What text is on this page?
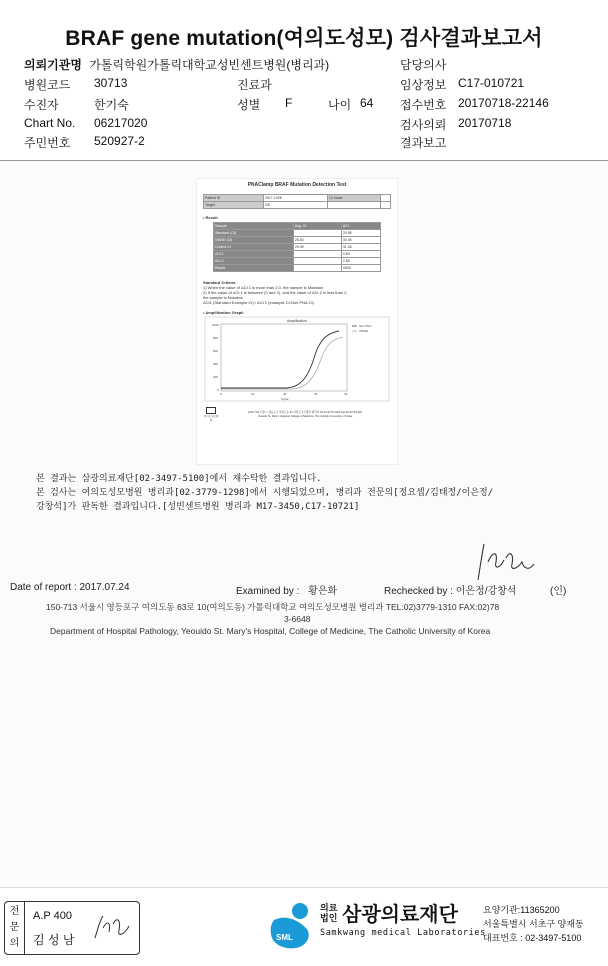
BRAF gene mutation(여의도성모) 검사결과보고서
의뢰기관명 가톨릭학원가톨릭대학교성빈센트병원(병리과)	담당의사
병원코드 30713	진료과	임상정보 C17-010721
수진자	한기숙	성별 F	나이 64 접수번호 20170718-22146
Chart No. 06217020	검사의뢰 20170718
주민번호 520927-2	결과보고
PNAClamp BRAF Mutation Detection Test
Patient ID	2017-1026	Ct Value	
Target	V/E		
• Result
Sample	Avg. Ct	ΔCt
Standard (Ct)		29.58
V600E (Ct)	28.53	30.45
Control Ct	29.09	31.28
ΔCt 1		0.60
ΔCt 2		2.85
Result		V600
Standard Criteria
1) When the value of ΔCt 1 is more than 2.0, the sample is Mutation
2) If the value of ΔCt 1 is between (0 and 2), and the value of ΔCt 2 is less than 2,
the sample is Mutation
ΔCt1 (Standard Example Ct) / ΔCt 2 (example Ct-Non PNA Ct)
• Amplification Graph
Amplification
1000
800
600
400
200
0
0	10	20	30	40
Cycle
Std. PNA
V600E
여의도성모병원
(150-713) 서울시 영등포구 여의도동 62 여의도성모병원 병리과 Tel 02-3779-2120 Fax 02-3779-1334
Yeouido St. Mary's Hospital, College of Medicine, The Catholic University of Korea
본 결과는 삼광의료재단[02-3497-5100]에서 재수탁한 결과입니다.
본 검사는 여의도성모병원 병리과[02-3779-1298]에서 시행되었으며, 병리과 전문의[정요셉/김태정/이은정/
강창석]가 판독한 결과입니다.[성빈센트병원 병리과 M17-3450,C17-10721]
Date of report : 2017.07.24	Examined by : 황은화	Rechecked by : 이은정/강창석	(인)
150-713 서울시 영등포구 여의도동 63로 10(여의도동) 가톨릭대학교 여의도성모병원 병리과 TEL:02)3779-1310 FAX:02)78
3-6648
Department of Hospital Pathology, Yeouido St. Mary's Hospital, College of Medicine, The Catholic University of Korea
전
문
의
A.P 400
김 성 남	SML
의료
법인 삼광의료재단
Samkwang medical Laboratories
요양기관:11365200
서울특별시 서초구 양재동
대표번호 : 02-3497-5100
